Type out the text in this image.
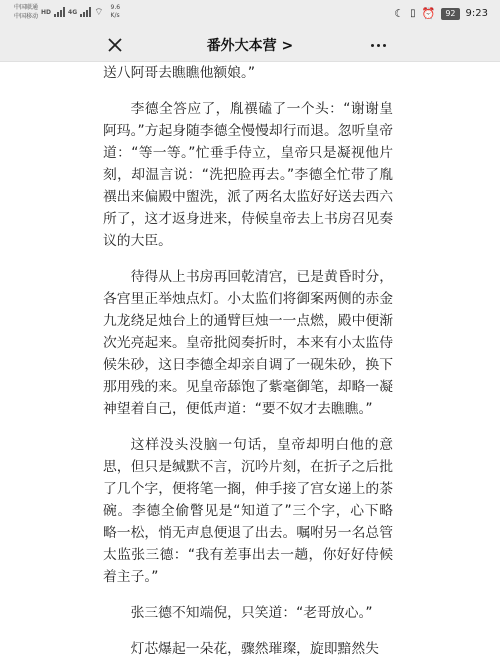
中国联通
中国移动
HD	4G ⌔ 9.6
K/s	☾ ▯ ⏰	92	9:23
番外大本营 >

送八阿哥去瞧瞧他额娘。”

李德全答应了，胤禩磕了一个头：“谢谢皇阿玛。”方起身随李德全慢慢却行而退。忽听皇帝道：“等一等。”忙垂手侍立，皇帝只是凝视他片刻，却温言说：“洗把脸再去。”李德全忙带了胤禩出来偏殿中盥洗，派了两名太监好好送去西六所了，这才返身进来，侍候皇帝去上书房召见奏议的大臣。

待得从上书房再回乾清宫，已是黄昏时分，各宫里正举烛点灯。小太监们将御案两侧的赤金九龙绕足烛台上的通臂巨烛一一点燃，殿中便渐次光亮起来。皇帝批阅奏折时，本来有小太监侍候朱砂，这日李德全却亲自调了一砚朱砂，换下那用残的来。见皇帝舔饱了紫毫御笔，却略一凝神望着自己，便低声道：“要不奴才去瞧瞧。”

这样没头没脑一句话，皇帝却明白他的意思，但只是缄默不言，沉吟片刻，在折子之后批了几个字，便将笔一搁，伸手接了宫女递上的茶碗。李德全偷瞥见是“知道了”三个字，心下略略一松，悄无声息便退了出去。嘱咐另一名总管太监张三德：“我有差事出去一趟，你好好侍候着主子。”

张三德不知端倪，只笑道：“老哥放心。”

灯芯爆起一朵花，骤然璀璨，旋即黯然失
